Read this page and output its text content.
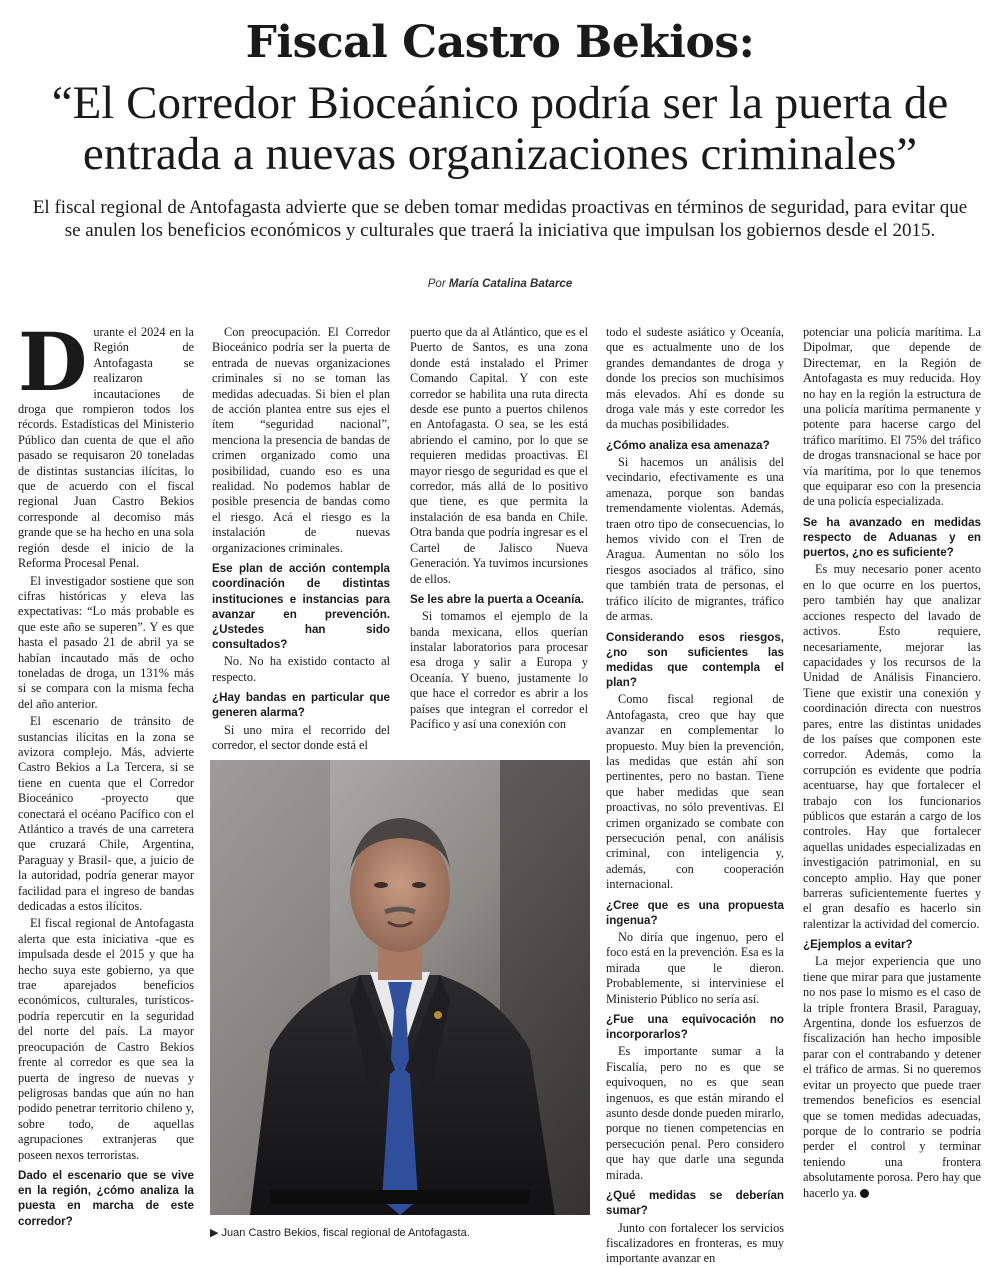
Fiscal Castro Bekios:
“El Corredor Bioceánico podría ser la puerta de entrada a nuevas organizaciones criminales”
El fiscal regional de Antofagasta advierte que se deben tomar medidas proactivas en términos de seguridad, para evitar que se anulen los beneficios económicos y culturales que traerá la iniciativa que impulsan los gobiernos desde el 2015.
Por María Catalina Batarce

Durante el 2024 en la Región de Antofagasta se realizaron incautaciones de droga que rompieron todos los récords. Estadísticas del Ministerio Público dan cuenta de que el año pasado se requisaron 20 toneladas de distintas sustancias ilícitas, lo que de acuerdo con el fiscal regional Juan Castro Bekios corresponde al decomiso más grande que se ha hecho en una sola región desde el inicio de la Reforma Procesal Penal.

El investigador sostiene que son cifras históricas y eleva las expectativas: “Lo más probable es que este año se superen”. Y es que hasta el pasado 21 de abril ya se habían incautado más de ocho toneladas de droga, un 131% más si se compara con la misma fecha del año anterior.

El escenario de tránsito de sustancias ilícitas en la zona se avizora complejo. Más, advierte Castro Bekios a La Tercera, si se tiene en cuenta que el Corredor Bioceánico -proyecto que conectará el océano Pacífico con el Atlántico a través de una carretera que cruzará Chile, Argentina, Paraguay y Brasil- que, a juicio de la autoridad, podría generar mayor facilidad para el ingreso de bandas dedicadas a estos ilícitos.

El fiscal regional de Antofagasta alerta que esta iniciativa -que es impulsada desde el 2015 y que ha hecho suya este gobierno, ya que trae aparejados beneficios económicos, culturales, turísticos- podría repercutir en la seguridad del norte del país. La mayor preocupación de Castro Bekios frente al corredor es que sea la puerta de ingreso de nuevas y peligrosas bandas que aún no han podido penetrar territorio chileno y, sobre todo, de aquellas agrupaciones extranjeras que poseen nexos terroristas.

Dado el escenario que se vive en la región, ¿cómo analiza la puesta en marcha de este corredor?

Con preocupación. El Corredor Bioceánico podría ser la puerta de entrada de nuevas organizaciones criminales si no se toman las medidas adecuadas. Si bien el plan de acción plantea entre sus ejes el ítem “seguridad nacional”, menciona la presencia de bandas de crimen organizado como una posibilidad, cuando eso es una realidad. No podemos hablar de posible presencia de bandas como el riesgo. Acá el riesgo es la instalación de nuevas organizaciones criminales.

Ese plan de acción contempla coordinación de distintas instituciones e instancias para avanzar en prevención. ¿Ustedes han sido consultados?

No. No ha existido contacto al respecto.

¿Hay bandas en particular que generen alarma?

Si uno mira el recorrido del corredor, el sector donde está el

puerto que da al Atlántico, que es el Puerto de Santos, es una zona donde está instalado el Primer Comando Capital. Y con este corredor se habilita una ruta directa desde ese punto a puertos chilenos en Antofagasta. O sea, se les está abriendo el camino, por lo que se requieren medidas proactivas. El mayor riesgo de seguridad es que el corredor, más allá de lo positivo que tiene, es que permita la instalación de esa banda en Chile. Otra banda que podría ingresar es el Cartel de Jalisco Nueva Generación. Ya tuvimos incursiones de ellos.

Se les abre la puerta a Oceanía.

Si tomamos el ejemplo de la banda mexicana, ellos querían instalar laboratorios para procesar esa droga y salir a Europa y Oceanía. Y bueno, justamente lo que hace el corredor es abrir a los países que integran el corredor el Pacífico y así una conexión con

▶ Juan Castro Bekios, fiscal regional de Antofagasta.

todo el sudeste asiático y Oceanía, que es actualmente uno de los grandes demandantes de droga y donde los precios son muchísimos más elevados. Ahí es donde su droga vale más y este corredor les da muchas posibilidades.

¿Cómo analiza esa amenaza?

Si hacemos un análisis del vecindario, efectivamente es una amenaza, porque son bandas tremendamente violentas. Además, traen otro tipo de consecuencias, lo hemos vivido con el Tren de Aragua. Aumentan no sólo los riesgos asociados al tráfico, sino que también trata de personas, el tráfico ilícito de migrantes, tráfico de armas.

Considerando esos riesgos, ¿no son suficientes las medidas que contempla el plan?

Como fiscal regional de Antofagasta, creo que hay que avanzar en complementar lo propuesto. Muy bien la prevención, las medidas que están ahí son pertinentes, pero no bastan. Tiene que haber medidas que sean proactivas, no sólo preventivas. El crimen organizado se combate con persecución penal, con análisis criminal, con inteligencia y, además, con cooperación internacional.

¿Cree que es una propuesta ingenua?

No diría que ingenuo, pero el foco está en la prevención. Esa es la mirada que le dieron. Probablemente, si interviniese el Ministerio Público no sería así.

¿Fue una equivocación no incorporarlos?

Es importante sumar a la Fiscalía, pero no es que se equivoquen, no es que sean ingenuos, es que están mirando el asunto desde donde pueden mirarlo, porque no tienen competencias en persecución penal. Pero considero que hay que darle una segunda mirada.

¿Qué medidas se deberían sumar?

Junto con fortalecer los servicios fiscalizadores en fronteras, es muy importante avanzar en

potenciar una policía marítima. La Dipolmar, que depende de Directemar, en la Región de Antofagasta es muy reducida. Hoy no hay en la región la estructura de una policía marítima permanente y potente para hacerse cargo del tráfico marítimo. El 75% del tráfico de drogas transnacional se hace por vía marítima, por lo que tenemos que equiparar eso con la presencia de una policía especializada.

Se ha avanzado en medidas respecto de Aduanas y en puertos, ¿no es suficiente?

Es muy necesario poner acento en lo que ocurre en los puertos, pero también hay que analizar acciones respecto del lavado de activos. Esto requiere, necesariamente, mejorar las capacidades y los recursos de la Unidad de Análisis Financiero. Tiene que existir una conexión y coordinación directa con nuestros pares, entre las distintas unidades de los países que componen este corredor. Además, como la corrupción es evidente que podría acentuarse, hay que fortalecer el trabajo con los funcionarios públicos que estarán a cargo de los controles. Hay que fortalecer aquellas unidades especializadas en investigación patrimonial, en su concepto amplio. Hay que poner barreras suficientemente fuertes y el gran desafío es hacerlo sin ralentizar la actividad del comercio.

¿Ejemplos a evitar?

La mejor experiencia que uno tiene que mirar para que justamente no nos pase lo mismo es el caso de la triple frontera Brasil, Paraguay, Argentina, donde los esfuerzos de fiscalización han hecho imposible parar con el contrabando y detener el tráfico de armas. Si no queremos evitar un proyecto que puede traer tremendos beneficios es esencial que se tomen medidas adecuadas, porque de lo contrario se podría perder el control y terminar teniendo una frontera absolutamente porosa. Pero hay que hacerlo ya.
